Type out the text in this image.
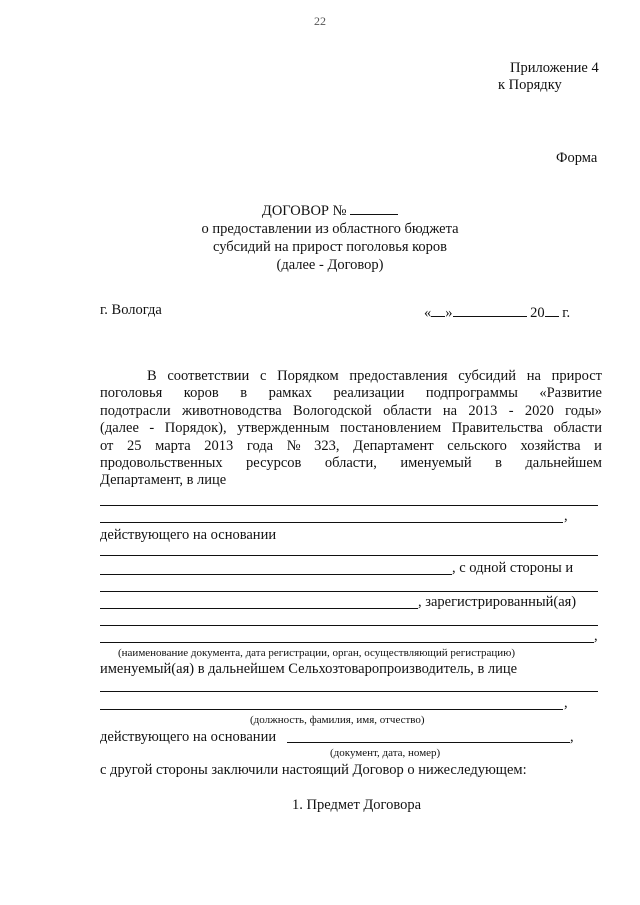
22
Приложение 4
к Порядку
Форма
ДОГОВОР №
о предоставлении из областного бюджета
субсидий на прирост поголовья коров
(далее - Договор)
г. Вологда	« »	20 г.
В соответствии с Порядком предоставления субсидий на прирост
поголовья коров в рамках реализации подпрограммы «Развитие
подотрасли животноводства Вологодской области на 2013 - 2020 годы»
(далее - Порядок), утвержденным постановлением Правительства области
от 25 марта 2013 года № 323, Департамент сельского хозяйства и
продовольственных ресурсов области, именуемый в дальнейшем
Департамент, в лице
,
действующего на основании
, с одной стороны и
, зарегистрированный(ая)
,
(наименование документа, дата регистрации, орган, осуществляющий регистрацию)
именуемый(ая) в дальнейшем Сельхозтоваропроизводитель, в лице
,
(должность, фамилия, имя, отчество)
действующего на основании	,
(документ, дата, номер)
с другой стороны заключили настоящий Договор о нижеследующем:
1. Предмет Договора
